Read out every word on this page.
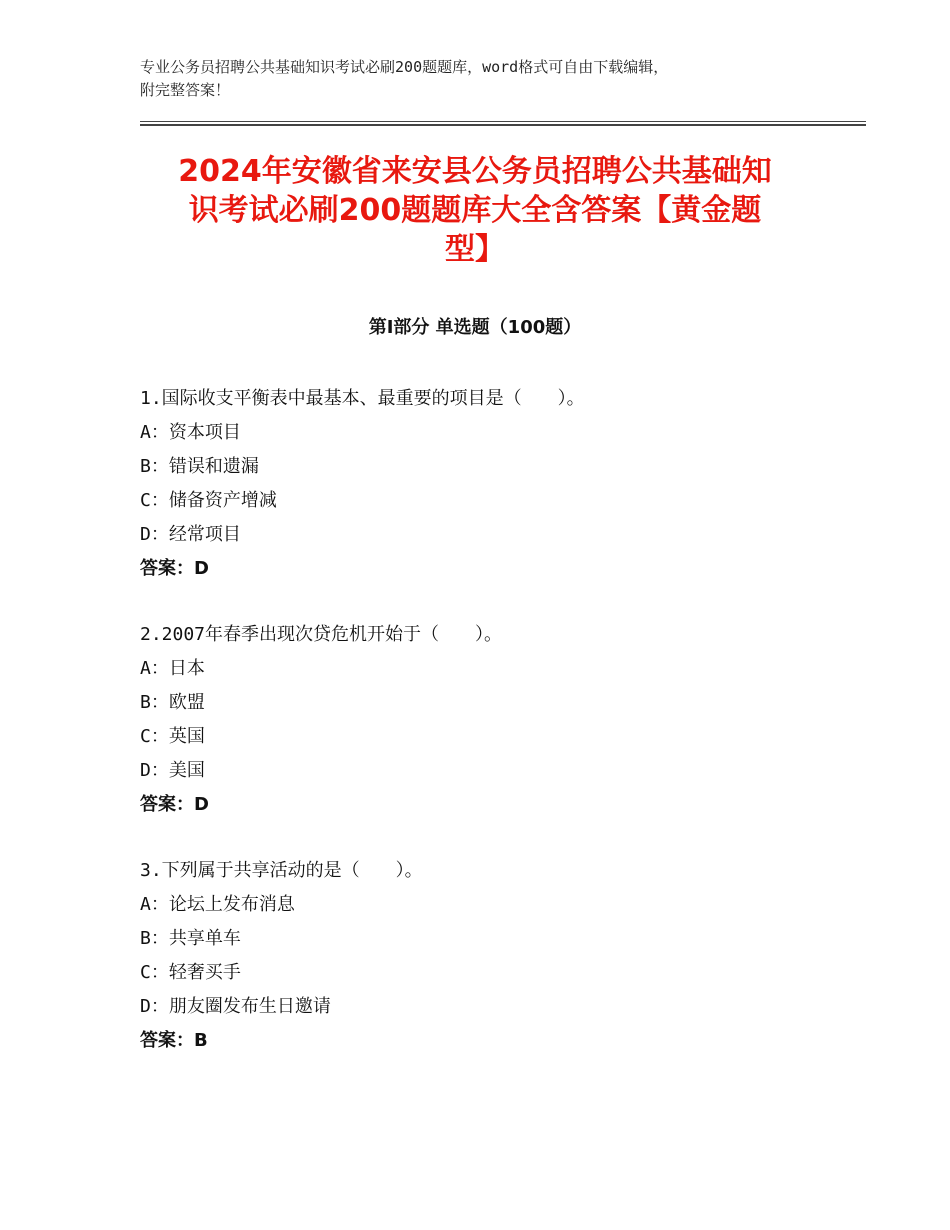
专业公务员招聘公共基础知识考试必刷200题题库，word格式可自由下载编辑，
附完整答案！
2024年安徽省来安县公务员招聘公共基础知
识考试必刷200题题库大全含答案【黄金题
型】
第Ⅰ部分 单选题（100题）
1.国际收支平衡表中最基本、最重要的项目是（　　）。
A：资本项目
B：错误和遗漏
C：储备资产增减
D：经常项目
答案：D
2.2007年春季出现次贷危机开始于（　　）。
A：日本
B：欧盟
C：英国
D：美国
答案：D
3.下列属于共享活动的是（　　）。
A：论坛上发布消息
B：共享单车
C：轻奢买手
D：朋友圈发布生日邀请
答案：B
